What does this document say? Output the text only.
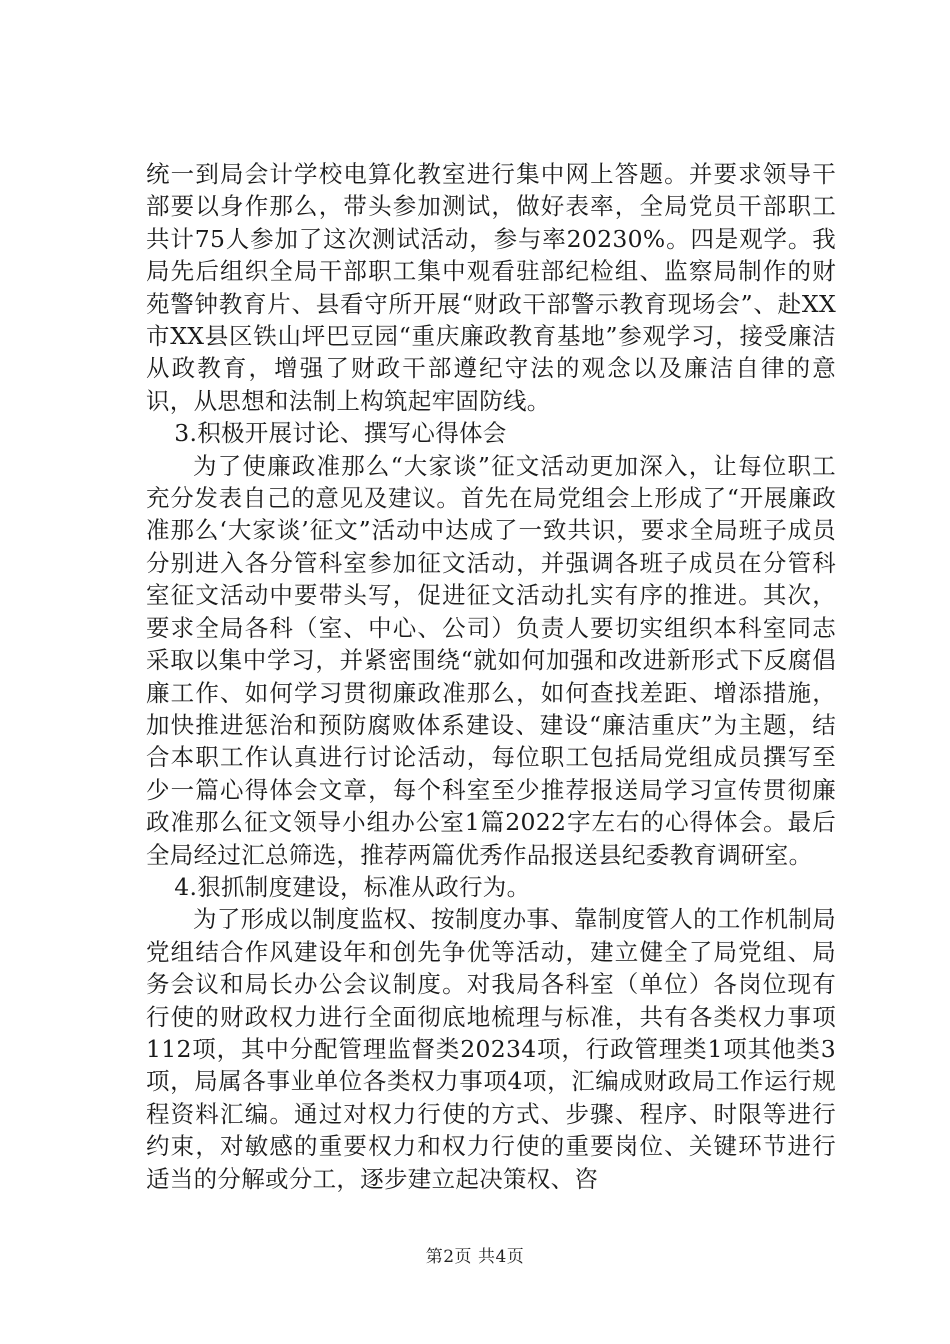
统一到局会计学校电算化教室进行集中网上答题。并要求领导干部要以身作那么，带头参加测试，做好表率，全局党员干部职工共计75人参加了这次测试活动，参与率20230%。四是观学。我局先后组织全局干部职工集中观看驻部纪检组、监察局制作的财苑警钟教育片、县看守所开展“财政干部警示教育现场会”、赴XX市XX县区铁山坪巴豆园“重庆廉政教育基地”参观学习，接受廉洁从政教育，增强了财政干部遵纪守法的观念以及廉洁自律的意识，从思想和法制上构筑起牢固防线。

3.积极开展讨论、撰写心得体会

为了使廉政准那么“大家谈”征文活动更加深入，让每位职工充分发表自己的意见及建议。首先在局党组会上形成了“开展廉政准那么‘大家谈’征文”活动中达成了一致共识，要求全局班子成员分别进入各分管科室参加征文活动，并强调各班子成员在分管科室征文活动中要带头写，促进征文活动扎实有序的推进。其次，要求全局各科（室、中心、公司）负责人要切实组织本科室同志采取以集中学习，并紧密围绕“就如何加强和改进新形式下反腐倡廉工作、如何学习贯彻廉政准那么，如何查找差距、增添措施，加快推进惩治和预防腐败体系建设、建设“廉洁重庆”为主题，结合本职工作认真进行讨论活动，每位职工包括局党组成员撰写至少一篇心得体会文章，每个科室至少推荐报送局学习宣传贯彻廉政准那么征文领导小组办公室1篇2022字左右的心得体会。最后全局经过汇总筛选，推荐两篇优秀作品报送县纪委教育调研室。

4.狠抓制度建设，标准从政行为。

为了形成以制度监权、按制度办事、靠制度管人的工作机制局党组结合作风建设年和创先争优等活动，建立健全了局党组、局务会议和局长办公会议制度。对我局各科室（单位）各岗位现有行使的财政权力进行全面彻底地梳理与标准，共有各类权力事项112项，其中分配管理监督类20234项，行政管理类1项其他类3项，局属各事业单位各类权力事项4项，汇编成财政局工作运行规程资料汇编。通过对权力行使的方式、步骤、程序、时限等进行约束，对敏感的重要权力和权力行使的重要岗位、关键环节进行适当的分解或分工，逐步建立起决策权、咨

第2页 共4页
